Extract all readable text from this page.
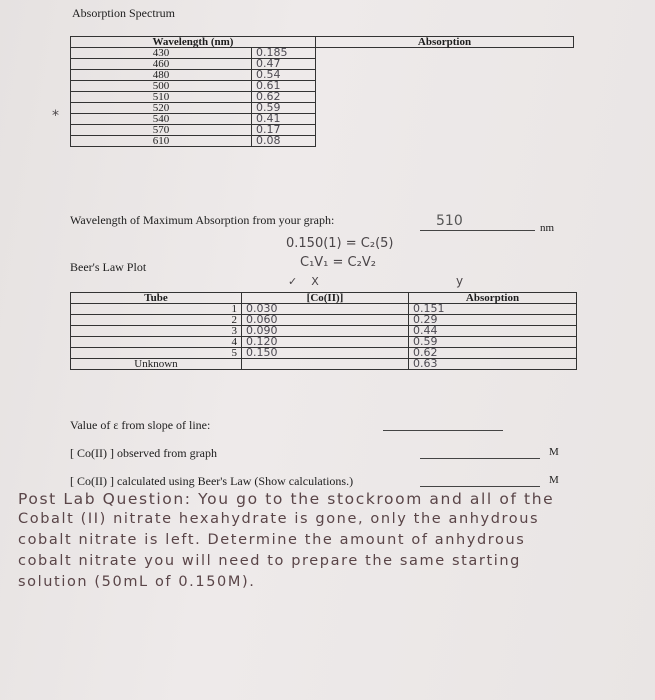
Absorption Spectrum
Wavelength (nm)	Absorption

430	0.185

460	0.47

480	0.54

500	0.61

510	0.62

520	0.59

540	0.41

570	0.17

610	0.08
*
Wavelength of Maximum Absorption from your graph:	510	nm
0.150(1) = C₂(5)
C₁V₁ = C₂V₂
✓    X	y
Beer's Law Plot
Tube	[Co(II)]	Absorption
1	0.030	0.151
2	0.060	0.29
3	0.090	0.44
4	0.120	0.59
5	0.150	0.62
Unknown		0.63
Value of ε from slope of line:
[ Co(II) ] observed from graph	M
[ Co(II) ] calculated using Beer's Law (Show calculations.)	M
Post Lab Question: You go to the stockroom and all of the
Cobalt (II) nitrate hexahydrate is gone, only the anhydrous
cobalt nitrate is left. Determine the amount of anhydrous
cobalt nitrate you will need to prepare the same starting
solution (50mL of 0.150M).
